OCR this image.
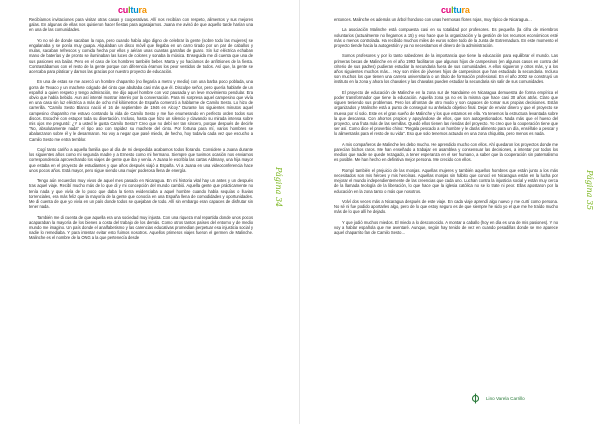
cultura

Recibíamos invitaciones para visitar otras casas y cooperativas. Allí nos recibían con respeto, alimentos y sus mejores galas. En algunas de ellas nos quisieron hacer fiestas para agasajarnos. Juana me avisó de que aquello tarde harían una en una de las comunidades.

Yo no sé de donde sacaban la ropa, pero cuando había algo digno de celebrar la gente (sobre todo las mujeres) se engalanaba y se ponía muy guapa. Alquilaban un disco móvil que llegaba en un carro tirado por un par de caballos y mulas, sacaban refrescos y comida hecha por ellos y aérian unas cuantas garrafas de guaro. Sin luz eléctrica echaban mano de baterías y de pronto se iluminaban las luces de colores y sonaba la música. Enseguida me di cuenta que una de sus pasiones era bailar. Pero en el caso de los hombres también beber. Marta y yo hacíamos de anfitriones de la fiesta. Contrastábamos con el resto de la gente porque con diferencia éramos los peor vestidos de todos. Así que, la gente se acercaba para platicar y darnos las gracias por nuestro proyecto de educación.

En una de estas se me acercó un hombre chaparrito (no llegaría a metro y medio) con una barba poco poblada, una gorra de Texaco y un machete colgado del cinto que abultaba casi más que él. Disculpe señor, pero quería hablarle de un español a quien respeto y tengo admiración, me dijo aquel hombre con voz pausada y un leve movimiento pendular. Era obvio que había bebido. Aun así intenté mostrar interés por la conversación. Para mi sorpresa aquel campesino que vivía en una casa sin luz eléctrica a más de ocho mil kilómetros de España comenzó a hablarme de Camilo Sesto. Lo hizo de carrerilla. "Camilo Sesto Blanco nació el 16 de septiembre de 1946 en Alcoy." Durante los siguientes minutos aquel campesino chaparrito me estuvo contando la vida de Camilo Sesto y me fue enumerando en perfecto orden todos sus discos. Escuché con estupor toda su disertación. Incluso, hasta que hizo un silencio y clavando su mirada intensa sobre mis ojos me preguntó: ¿Y a usted le gusta Camilo Sesto? Creo que no debí ser tan sincero, porque después de decirle "No, absolutamente nada" el tipo aso con rapidez su machete del cinto. Por fortuna para mí, varios hombres se abalanzaron sobre él y le desarmaron. No voy a negar que pasé miedo, de hecho, hoy todavía cada vez que escucho a Camilo Sesto me entra temblor.

Cogí tanto cariño a aquella familia que al día de mi despedida acabamos todos llorando. Considere a Juana durante los siguientes años como mi segunda madre y a Ernesto como mi hermano. Siempre que tuvimos ocasión nos enviamos correspondencia aprovechando los viajes de gente que iba y venía. A Juana le escribía las cartas Aldmany, una hija mayor que estaba en el proyecto de estudiantes y que años después viajó a España. Vi a Juana en una videoconferencia hace unos pocos años. Está mayor, pero sigue siendo una mujer poderosa llena de energía.

Tengo aún recuerdos muy vivos de aquel mes pasado en Nicaragua. En mi historia vital hay un antes y un después tras aquel viaje. Recibí mucho más de lo que di y mi concepción del mundo cambió. Aquella gente que prácticamente no tenía nada y que vivía de lo poco que daba la tierra evidenciaba a aquel hombre cuando había sequías o lluvias torrenciales, era más feliz que la mayoría de la gente que conocía en una España llena de comodidades y oportunidades. Me di cuenta de que yo vivía en un país donde todos se quejaban de todo. Allí sin embargo eran capaces de disfrutar sin tener nada.

También me di cuenta de que aquella era una sociedad muy injusta. Con una riqueza mal repartida donde unos pocos acaparaban la mayoría de los bienes a costa del trabajo de los demás. Como otros tantos países del entorno y de medio mundo me imagino. Un país donde el analfabetismo y las carencias educativas promedian perpetuar esa injusticia social y nadie lo remediaba. Y para intentar evitar esto fuimos nosotros. Aquellos primeros viajes fueron el germen de Malinche. Malinche es el nombre de la ONG a la que pertenecía desde

Página 34
cultura

entonces. Malinche es además un árbol frondoso con unas hermosas flores rojas, muy típico de Nicaragua…

La asociación Malinche está compuesta casi en su totalidad por profesores. Es pequeña (la cifra de miembros voluntarios (actualmente no llegamos a 15) y eso hace que la organización y la gestión de los recursos económicos esté más o menos controlada. Ha recibido muchos miles de euros sobre todo de la Junta de Extremadura. En este momento el proyecto tiende hacia la autogestión y ya no necesitamos el dinero de la administración.

Somos profesores y por lo tanto sabedores de la importancia que tiene la educación para equilibrar el mundo. Las primeras becas de Malinche en el año 1993 facilitaron que algunos hijos de campesinos (en algunos casos en contra del criterio de sus padres) pudieran estudiar la secundaria fuera de sus comunidades. A ellos siguieron y otros más, y a los años siguientes muchos más… Hoy son miles de jóvenes hijos de campesinos que han estudiado la secundaria. Incluso son muchos los que tienen una carrera universitaria o un título de formación profesional. En el año 2002 se construyó un instituto en la zona y ahora los chavales y las chavalas pueden estudiar la secundaria sin salir de sus comunidades.

El proyecto de educación de Malinche en la zona sur de Nandaime en Nicaragua demuestra de forma empírica el poder transformador que tiene la educación. Aquella zona ya no es la misma que hace casi 30 años atrás. Claro que siguen teniendo sus problemas. Pero los afrontan de otro modo y son capaces de tomar sus propias decisiones. Están organizados y Malinche está a punto de conseguir su anhelado objetivo final. Dejar de enviar dinero y que el proyecto se mueva por sí solo. Este es el gran sueño de Malinche y los que estamos en ella. Ya tenemos la estructura levantada sobre la que descansa. Con ahorros propios y apoyándose de ellos, que son autogestionados. Nada más que el hueso del proyecto, una fruta más de las semillas. Quedó ellos tienen las riendas del proyecto. Yo creo que la cooperación tiene que ser así. Como dice el proverbio chino: "Regala pescado a un hombre y le darás alimento para un día, enséñale a pescar y lo alimentarás para el resto de su vida". Eso que solo tenemos actuado en una zona chiquitita, pero menos es nada.

A mis compañeros de Malinche les debo mucho. He aprendido mucho con ellos. Ahí quedaron los proyectos donde me parecían bichos raros. Me han enseñado a trabajar en asamblea y consensuar las decisiones, a intentar por todos los medios que nadie se quede rezagado, a tener esperanza en el ser humano, a saber que la cooperación sin paternalismo es posible. Me han hecho en definitiva mejor persona. Me crecido con ellos.

Rompí también el prejuicio de las monjas. Aquellas mujeres y también aquellos hombres que están junto a los más necesitados son mis héroes y mis heroínas. Aquellas monjas sin hábito que conocí en Nicaragua están en la lucha por mejorar el mundo independientemente de las creencias que cada uno. Luchan contra la injusticia social y están muy cerca de la llamada teología de la liberación, lo que hace que la iglesia católica no se lo trate ni peor. Ellas apostaron por la educación en la zona tanto o más que nosotros.

Volví dos veces más a Nicaragua después de este viaje. En cada viaje aprendí algo nuevo y me curtí como persona. No sé ni fue podido aportarles algo, pero de lo que estoy seguro es de que siempre he sido yo el que me he traído mucho más de lo que allí he dejado.

Y que jodió muchos miedos. El miedo a lo desconocido. A montar a caballo (hoy en día es una de mis pasiones). Y no voy a hablar española que me aventaré. Aunque, según hay tenido de vez en cuando pesadillas donde se me aparece aquel chaparrito fan de Camilo Sesto…

Página 35
Lino Varela Carrillo
